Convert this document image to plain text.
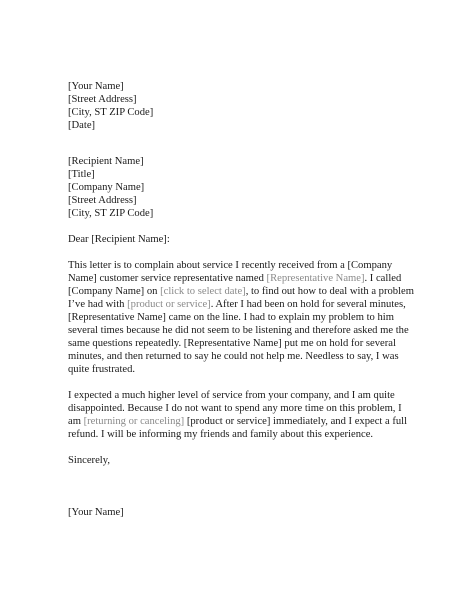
[Your Name]
[Street Address]
[City, ST ZIP Code]
[Date]
[Recipient Name]
[Title]
[Company Name]
[Street Address]
[City, ST ZIP Code]

Dear [Recipient Name]:

This letter is to complain about service I recently received from a [Company Name] customer service representative named [Representative Name]. I called [Company Name] on [click to select date], to find out how to deal with a problem I’ve had with [product or service]. After I had been on hold for several minutes, [Representative Name] came on the line. I had to explain my problem to him several times because he did not seem to be listening and therefore asked me the same questions repeatedly. [Representative Name] put me on hold for several minutes, and then returned to say he could not help me. Needless to say, I was quite frustrated.

I expected a much higher level of service from your company, and I am quite disappointed. Because I do not want to spend any more time on this problem, I am [returning or canceling] [product or service] immediately, and I expect a full refund. I will be informing my friends and family about this experience.

Sincerely,

[Your Name]
